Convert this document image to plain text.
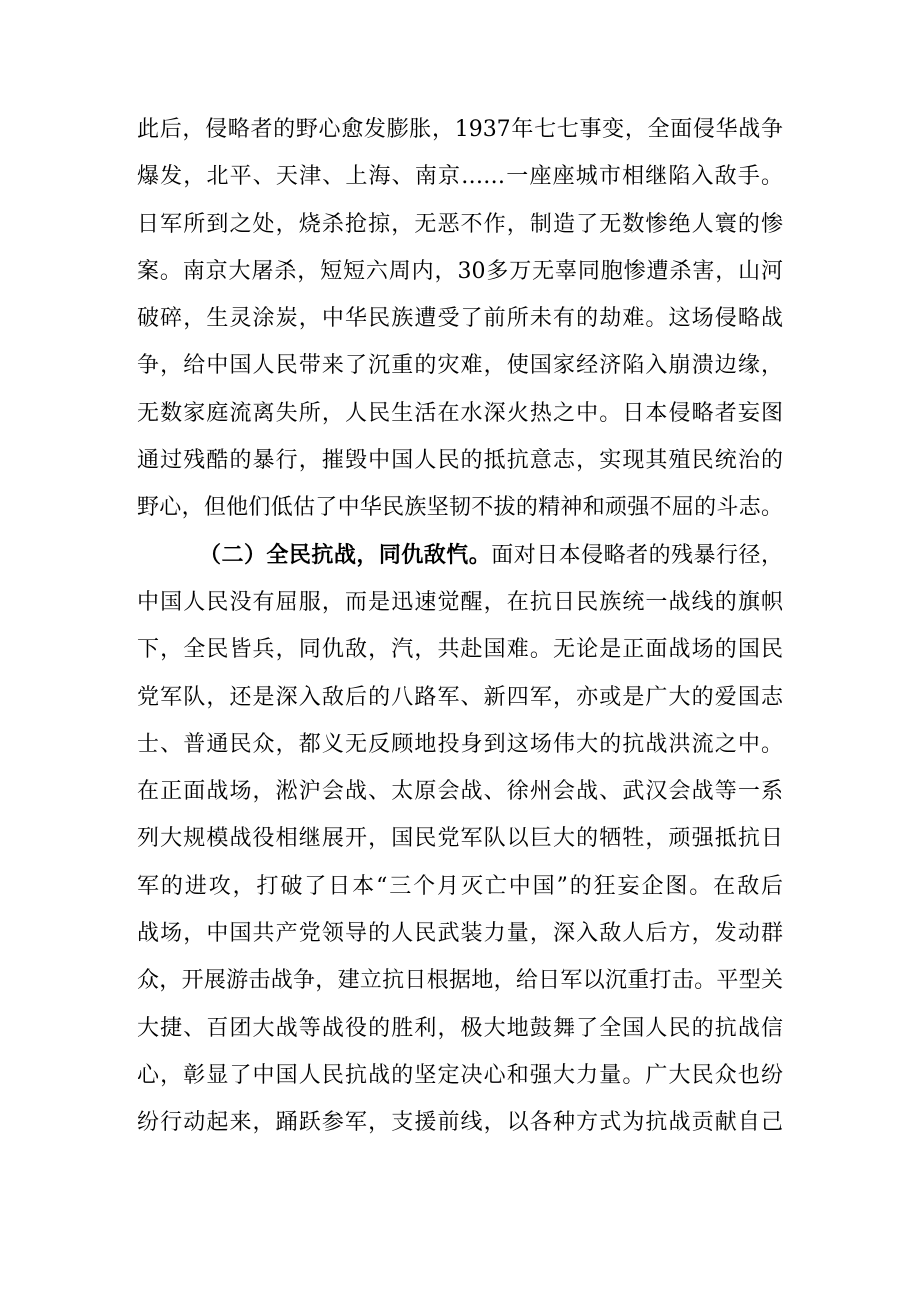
此后，侵略者的野心愈发膨胀，1937年七七事变，全面侵华战争
爆发，北平、天津、上海、南京……一座座城市相继陷入敌手。
日军所到之处，烧杀抢掠，无恶不作，制造了无数惨绝人寰的惨
案。南京大屠杀，短短六周内，30多万无辜同胞惨遭杀害，山河
破碎，生灵涂炭，中华民族遭受了前所未有的劫难。这场侵略战
争，给中国人民带来了沉重的灾难，使国家经济陷入崩溃边缘，
无数家庭流离失所，人民生活在水深火热之中。日本侵略者妄图
通过残酷的暴行，摧毁中国人民的抵抗意志，实现其殖民统治的
野心，但他们低估了中华民族坚韧不拔的精神和顽强不屈的斗志。
（二）全民抗战，同仇敌忾。面对日本侵略者的残暴行径，
中国人民没有屈服，而是迅速觉醒，在抗日民族统一战线的旗帜
下，全民皆兵，同仇敌，汽，共赴国难。无论是正面战场的国民
党军队，还是深入敌后的八路军、新四军，亦或是广大的爱国志
士、普通民众，都义无反顾地投身到这场伟大的抗战洪流之中。
在正面战场，淞沪会战、太原会战、徐州会战、武汉会战等一系
列大规模战役相继展开，国民党军队以巨大的牺牲，顽强抵抗日
军的进攻，打破了日本“三个月灭亡中国”的狂妄企图。在敌后
战场，中国共产党领导的人民武装力量，深入敌人后方，发动群
众，开展游击战争，建立抗日根据地，给日军以沉重打击。平型关
大捷、百团大战等战役的胜利，极大地鼓舞了全国人民的抗战信
心，彰显了中国人民抗战的坚定决心和强大力量。广大民众也纷
纷行动起来，踊跃参军，支援前线，以各种方式为抗战贡献自己
